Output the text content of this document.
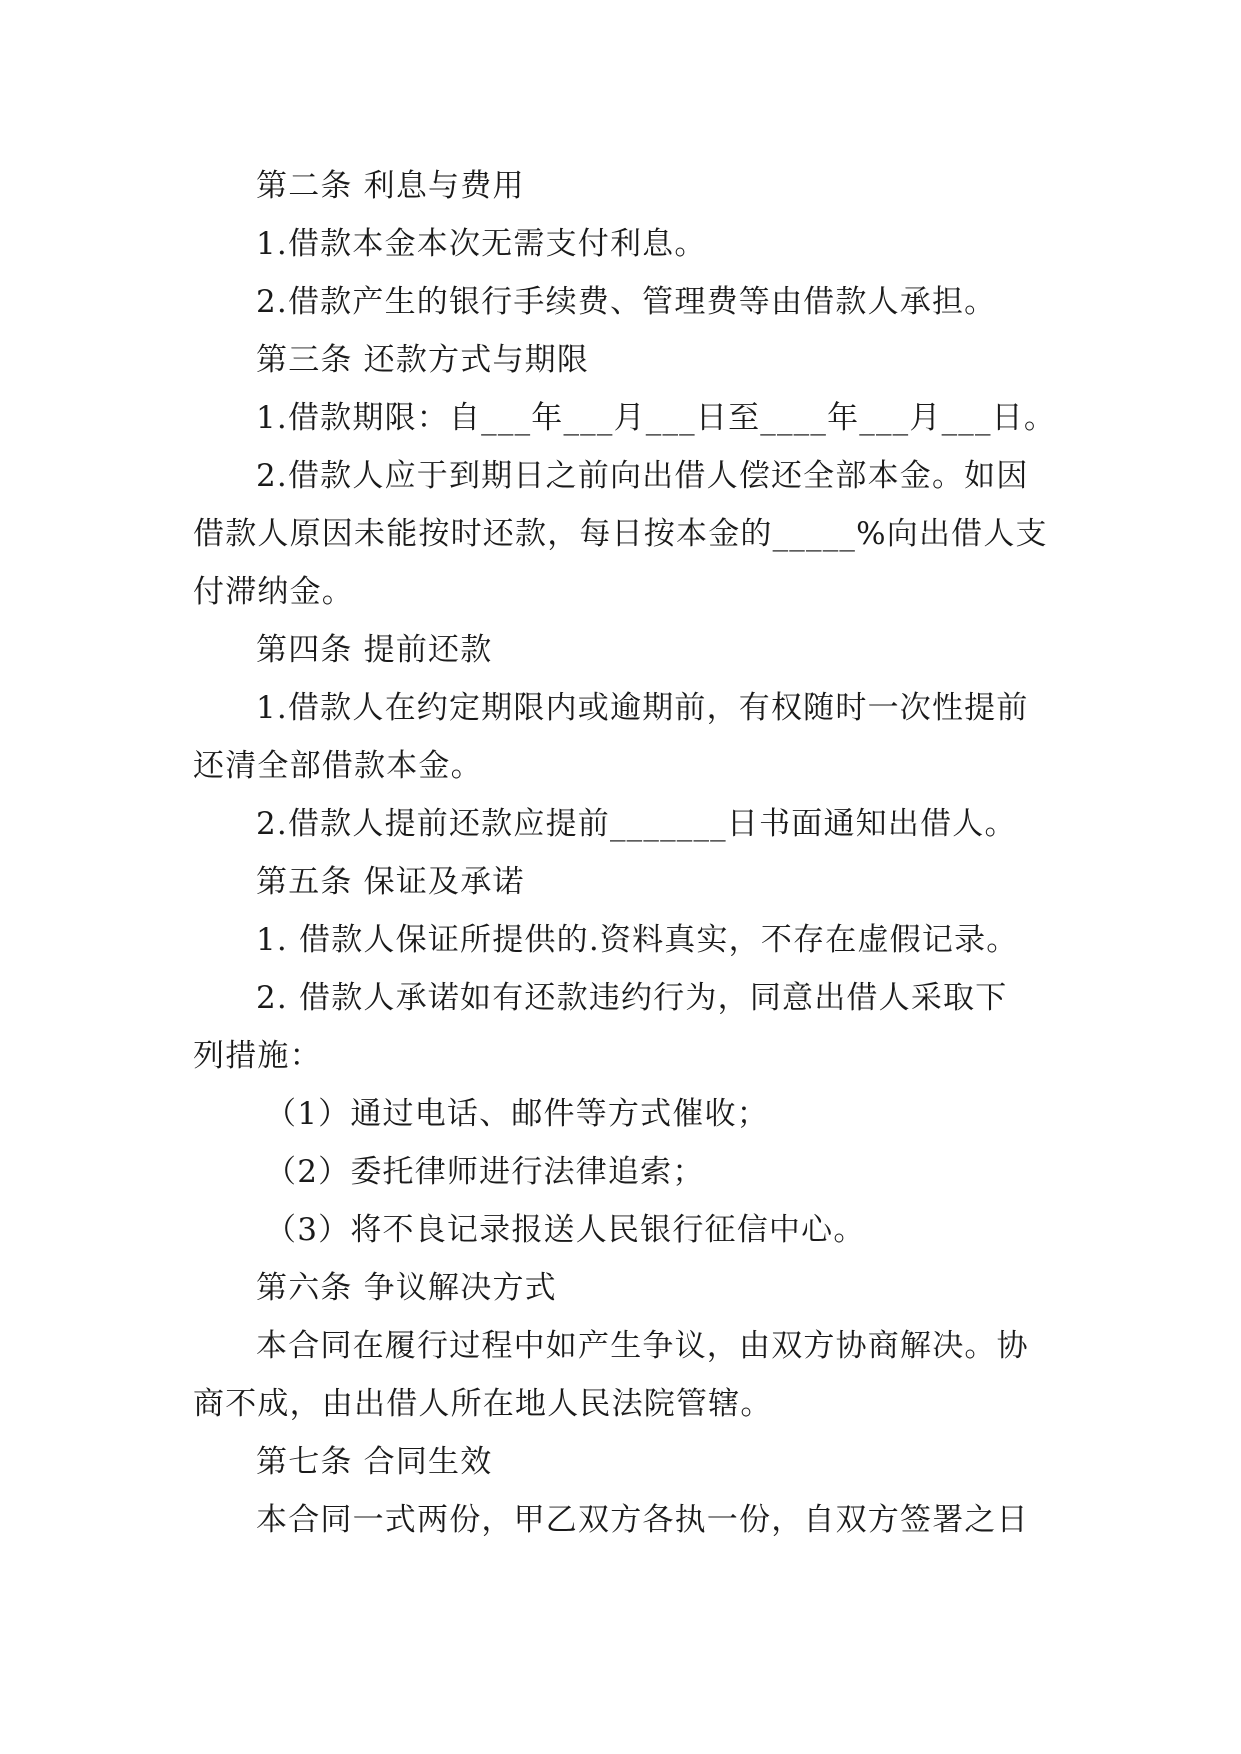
第二条 利息与费用
1.借款本金本次无需支付利息。
2.借款产生的银行手续费、管理费等由借款人承担。
第三条 还款方式与期限
1.借款期限：自___年___月___日至____年___月___日。
2.借款人应于到期日之前向出借人偿还全部本金。如因
借款人原因未能按时还款，每日按本金的_____%向出借人支
付滞纳金。
第四条 提前还款
1.借款人在约定期限内或逾期前，有权随时一次性提前
还清全部借款本金。
2.借款人提前还款应提前_______日书面通知出借人。
第五条 保证及承诺
1. 借款人保证所提供的.资料真实，不存在虚假记录。
2. 借款人承诺如有还款违约行为，同意出借人采取下
列措施：
（1）通过电话、邮件等方式催收；
（2）委托律师进行法律追索；
（3）将不良记录报送人民银行征信中心。
第六条 争议解决方式
本合同在履行过程中如产生争议，由双方协商解决。协
商不成，由出借人所在地人民法院管辖。
第七条 合同生效
本合同一式两份，甲乙双方各执一份，自双方签署之日
